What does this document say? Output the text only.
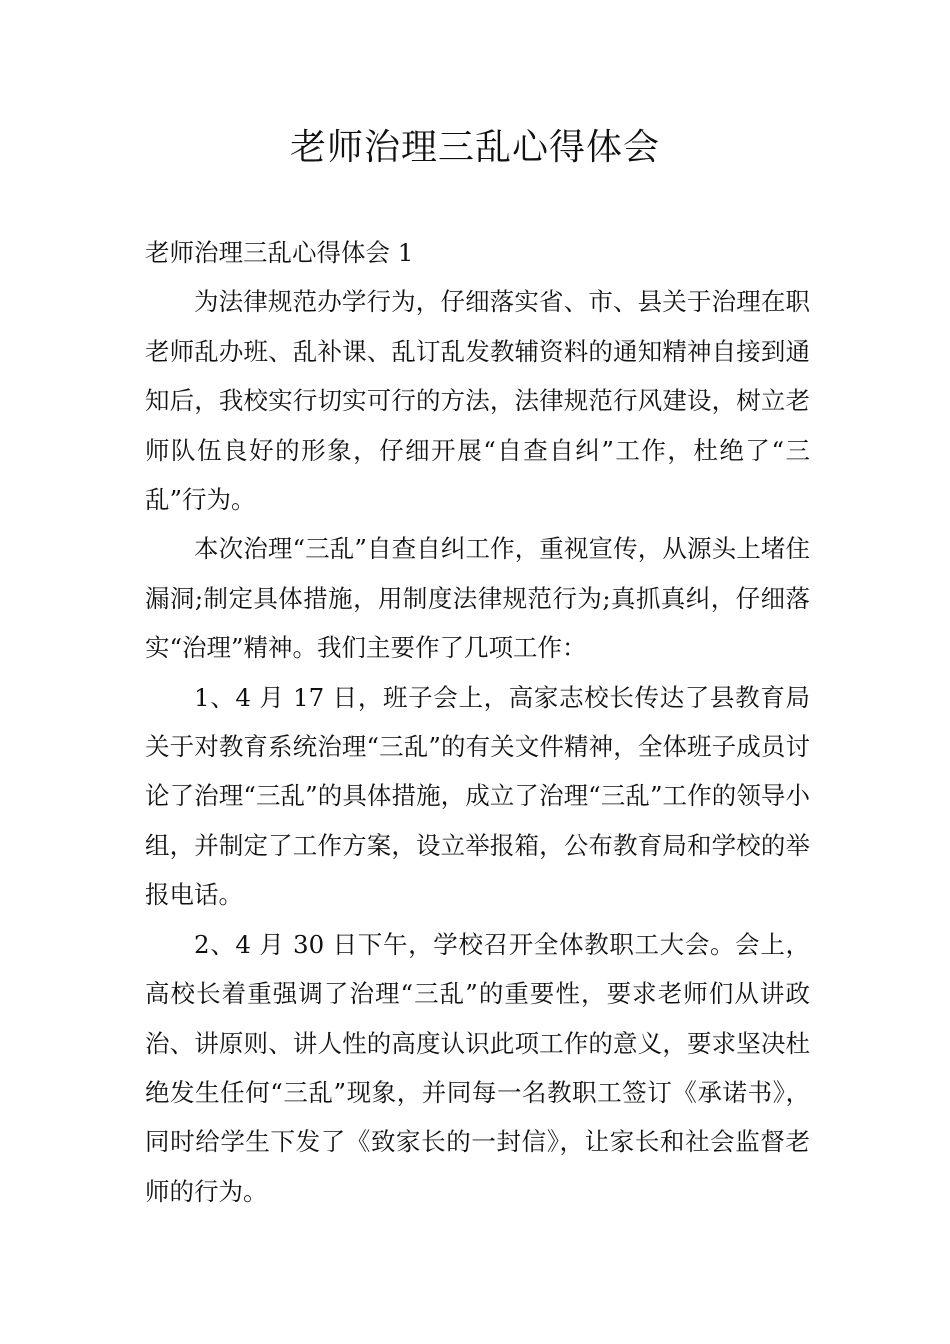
老师治理三乱心得体会

老师治理三乱心得体会 1

为法律规范办学行为，仔细落实省、市、县关于治理在职老师乱办班、乱补课、乱订乱发教辅资料的通知精神自接到通知后，我校实行切实可行的方法，法律规范行风建设，树立老师队伍良好的形象，仔细开展“自查自纠”工作，杜绝了“三乱”行为。

本次治理“三乱”自查自纠工作，重视宣传，从源头上堵住漏洞;制定具体措施，用制度法律规范行为;真抓真纠，仔细落实“治理”精神。我们主要作了几项工作：

1、4 月 17 日，班子会上，高家志校长传达了县教育局关于对教育系统治理“三乱”的有关文件精神，全体班子成员讨论了治理“三乱”的具体措施，成立了治理“三乱”工作的领导小组，并制定了工作方案，设立举报箱，公布教育局和学校的举报电话。

2、4 月 30 日下午，学校召开全体教职工大会。会上，高校长着重强调了治理“三乱”的重要性，要求老师们从讲政治、讲原则、讲人性的高度认识此项工作的意义，要求坚决杜绝发生任何“三乱”现象，并同每一名教职工签订《承诺书》，同时给学生下发了《致家长的一封信》，让家长和社会监督老师的行为。
